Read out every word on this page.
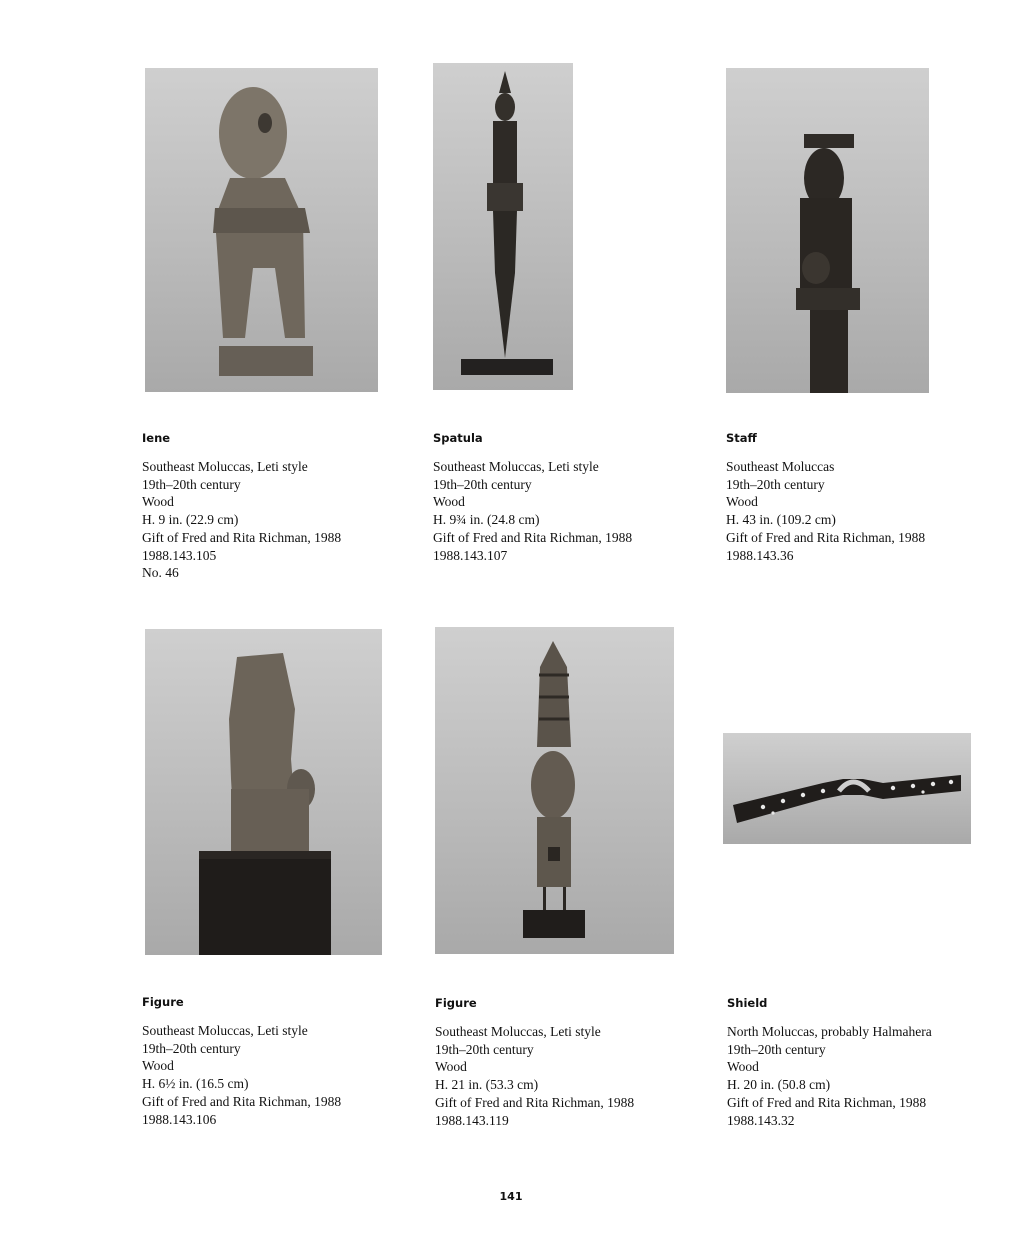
Iene
Southeast Moluccas, Leti style
19th–20th century
Wood
H. 9 in. (22.9 cm)
Gift of Fred and Rita Richman, 1988
1988.143.105
No. 46
Spatula
Southeast Moluccas, Leti style
19th–20th century
Wood
H. 9¾ in. (24.8 cm)
Gift of Fred and Rita Richman, 1988
1988.143.107
Staff
Southeast Moluccas
19th–20th century
Wood
H. 43 in. (109.2 cm)
Gift of Fred and Rita Richman, 1988
1988.143.36
Figure
Southeast Moluccas, Leti style
19th–20th century
Wood
H. 6½ in. (16.5 cm)
Gift of Fred and Rita Richman, 1988
1988.143.106
Figure
Southeast Moluccas, Leti style
19th–20th century
Wood
H. 21 in. (53.3 cm)
Gift of Fred and Rita Richman, 1988
1988.143.119
Shield
North Moluccas, probably Halmahera
19th–20th century
Wood
H. 20 in. (50.8 cm)
Gift of Fred and Rita Richman, 1988
1988.143.32
141
